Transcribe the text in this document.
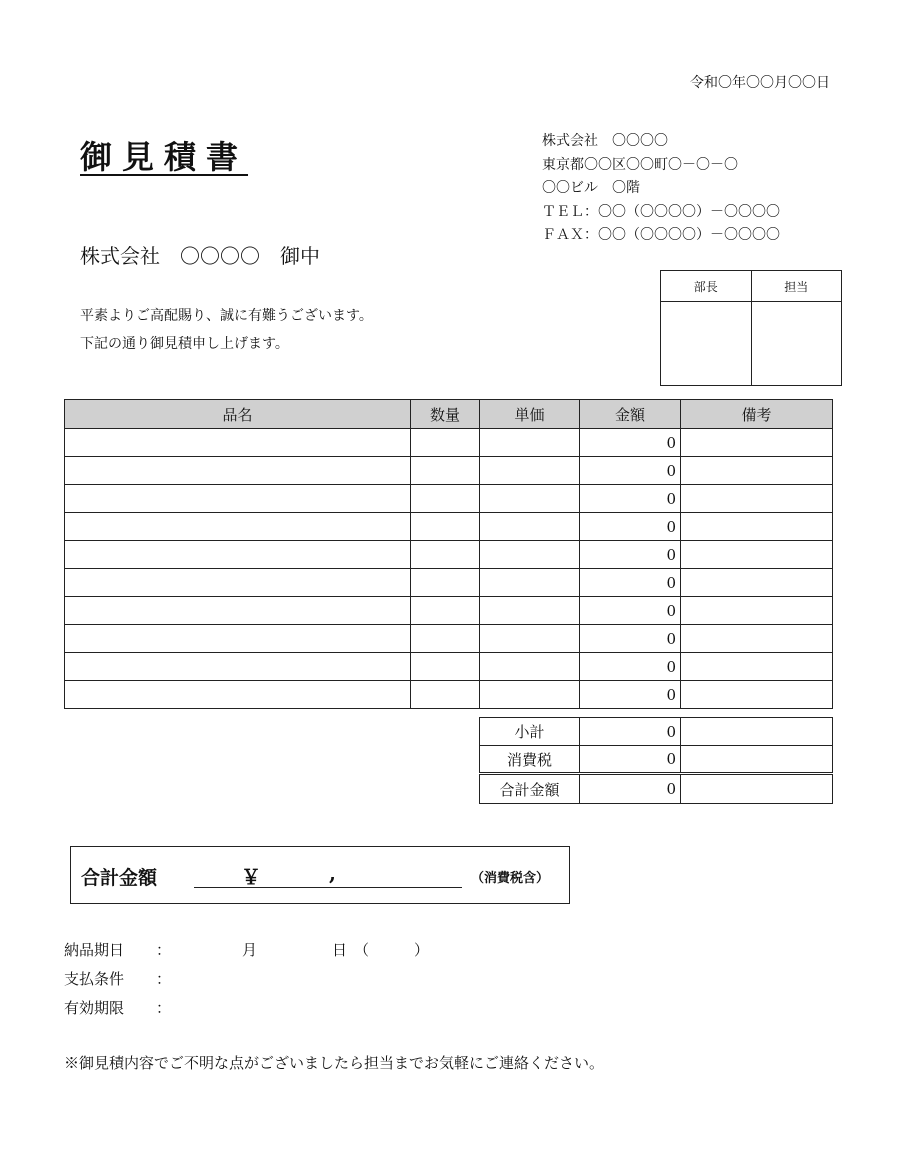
令和〇年〇〇月〇〇日
御見積書	株式会社　〇〇〇〇
東京都〇〇区〇〇町〇－〇－〇
〇〇ビル　〇階
ＴＥＬ：〇〇（〇〇〇〇）－〇〇〇〇
ＦＡＸ：〇〇（〇〇〇〇）－〇〇〇〇
株式会社　〇〇〇〇　御中
平素よりご高配賜り、誠に有難うございます。
下記の通り御見積申し上げます。
部長	担当

品名	数量	単価	金額	備考
			0	
			0	
			0	
			0	
			0	
			0	
			0	
			0	
			0	
			0	
小計	0	
消費税	0	
合計金額	0	
合計金額	￥	,	（消費税含）
納品期日 ：	月	日 （	）
支払条件 ：
有効期限 ：
※御見積内容でご不明な点がございましたら担当までお気軽にご連絡ください。
